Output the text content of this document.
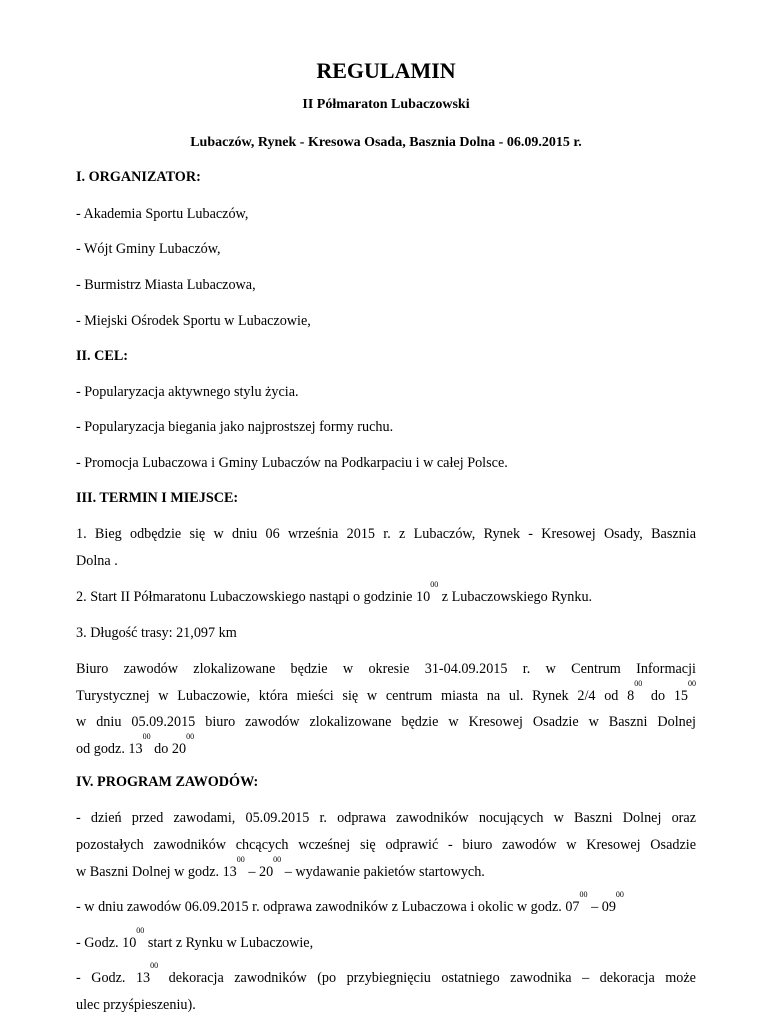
REGULAMIN
II Półmaraton Lubaczowski
Lubaczów, Rynek - Kresowa Osada, Basznia Dolna - 06.09.2015 r.
I. ORGANIZATOR:
- Akademia Sportu Lubaczów,
- Wójt Gminy Lubaczów,
- Burmistrz Miasta Lubaczowa,
- Miejski Ośrodek Sportu w Lubaczowie,
II. CEL:
- Popularyzacja aktywnego stylu życia.
- Popularyzacja biegania jako najprostszej formy ruchu.
- Promocja Lubaczowa i Gminy Lubaczów na Podkarpaciu i w całej Polsce.
III. TERMIN I MIEJSCE:
1. Bieg odbędzie się w dniu 06 września 2015 r. z Lubaczów, Rynek - Kresowej Osady, Basznia
Dolna .
2. Start II Półmaratonu Lubaczowskiego nastąpi o godzinie $10^{00}$ z Lubaczowskiego Rynku.
3. Długość trasy: 21,097 km
Biuro zawodów zlokalizowane będzie w okresie 31-04.09.2015 r. w Centrum Informacji
Turystycznej w Lubaczowie, która mieści się w centrum miasta na ul. Rynek 2/4 od $8^{00}$ do $15^{00}$
w dniu 05.09.2015 biuro zawodów zlokalizowane będzie w Kresowej Osadzie w Baszni Dolnej
od godz. $13^{00}$ do $20^{00}$
IV. PROGRAM ZAWODÓW:
- dzień przed zawodami, 05.09.2015 r. odprawa zawodników nocujących w Baszni Dolnej oraz
pozostałych zawodników chcących wcześnej się odprawić - biuro zawodów w Kresowej Osadzie
w Baszni Dolnej w godz. $13^{00} - 20^{00}$ – wydawanie pakietów startowych.
- w dniu zawodów 06.09.2015 r. odprawa zawodników z Lubaczowa i okolic w godz. $07^{00} - 09^{00}$
- Godz. $10^{00}$ start z Rynku w Lubaczowie,
- Godz. $13^{00}$ dekoracja zawodników (po przybiegnięciu ostatniego zawodnika – dekoracja może
ulec przyśpieszeniu).
